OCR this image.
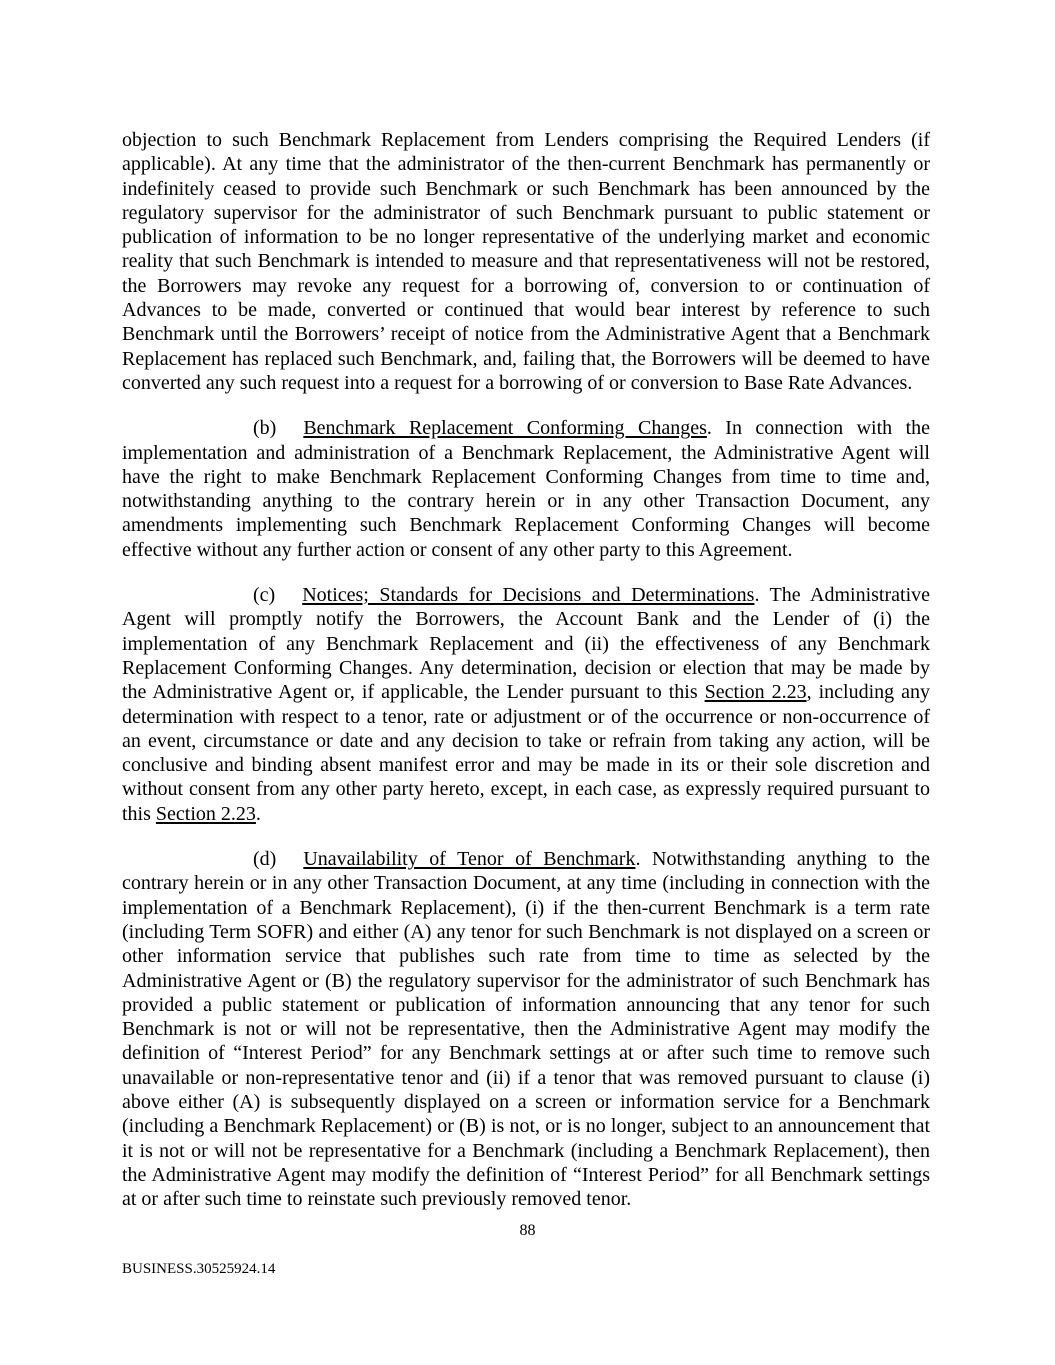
objection to such Benchmark Replacement from Lenders comprising the Required Lenders (if applicable). At any time that the administrator of the then-current Benchmark has permanently or indefinitely ceased to provide such Benchmark or such Benchmark has been announced by the regulatory supervisor for the administrator of such Benchmark pursuant to public statement or publication of information to be no longer representative of the underlying market and economic reality that such Benchmark is intended to measure and that representativeness will not be restored, the Borrowers may revoke any request for a borrowing of, conversion to or continuation of Advances to be made, converted or continued that would bear interest by reference to such Benchmark until the Borrowers’ receipt of notice from the Administrative Agent that a Benchmark Replacement has replaced such Benchmark, and, failing that, the Borrowers will be deemed to have converted any such request into a request for a borrowing of or conversion to Base Rate Advances.

(b) Benchmark Replacement Conforming Changes. In connection with the implementation and administration of a Benchmark Replacement, the Administrative Agent will have the right to make Benchmark Replacement Conforming Changes from time to time and, notwithstanding anything to the contrary herein or in any other Transaction Document, any amendments implementing such Benchmark Replacement Conforming Changes will become effective without any further action or consent of any other party to this Agreement.

(c) Notices; Standards for Decisions and Determinations. The Administrative Agent will promptly notify the Borrowers, the Account Bank and the Lender of (i) the implementation of any Benchmark Replacement and (ii) the effectiveness of any Benchmark Replacement Conforming Changes. Any determination, decision or election that may be made by the Administrative Agent or, if applicable, the Lender pursuant to this Section 2.23, including any determination with respect to a tenor, rate or adjustment or of the occurrence or non-occurrence of an event, circumstance or date and any decision to take or refrain from taking any action, will be conclusive and binding absent manifest error and may be made in its or their sole discretion and without consent from any other party hereto, except, in each case, as expressly required pursuant to this Section 2.23.

(d) Unavailability of Tenor of Benchmark. Notwithstanding anything to the contrary herein or in any other Transaction Document, at any time (including in connection with the implementation of a Benchmark Replacement), (i) if the then-current Benchmark is a term rate (including Term SOFR) and either (A) any tenor for such Benchmark is not displayed on a screen or other information service that publishes such rate from time to time as selected by the Administrative Agent or (B) the regulatory supervisor for the administrator of such Benchmark has provided a public statement or publication of information announcing that any tenor for such Benchmark is not or will not be representative, then the Administrative Agent may modify the definition of “Interest Period” for any Benchmark settings at or after such time to remove such unavailable or non-representative tenor and (ii) if a tenor that was removed pursuant to clause (i) above either (A) is subsequently displayed on a screen or information service for a Benchmark (including a Benchmark Replacement) or (B) is not, or is no longer, subject to an announcement that it is not or will not be representative for a Benchmark (including a Benchmark Replacement), then the Administrative Agent may modify the definition of “Interest Period” for all Benchmark settings at or after such time to reinstate such previously removed tenor.

88
BUSINESS.30525924.14
